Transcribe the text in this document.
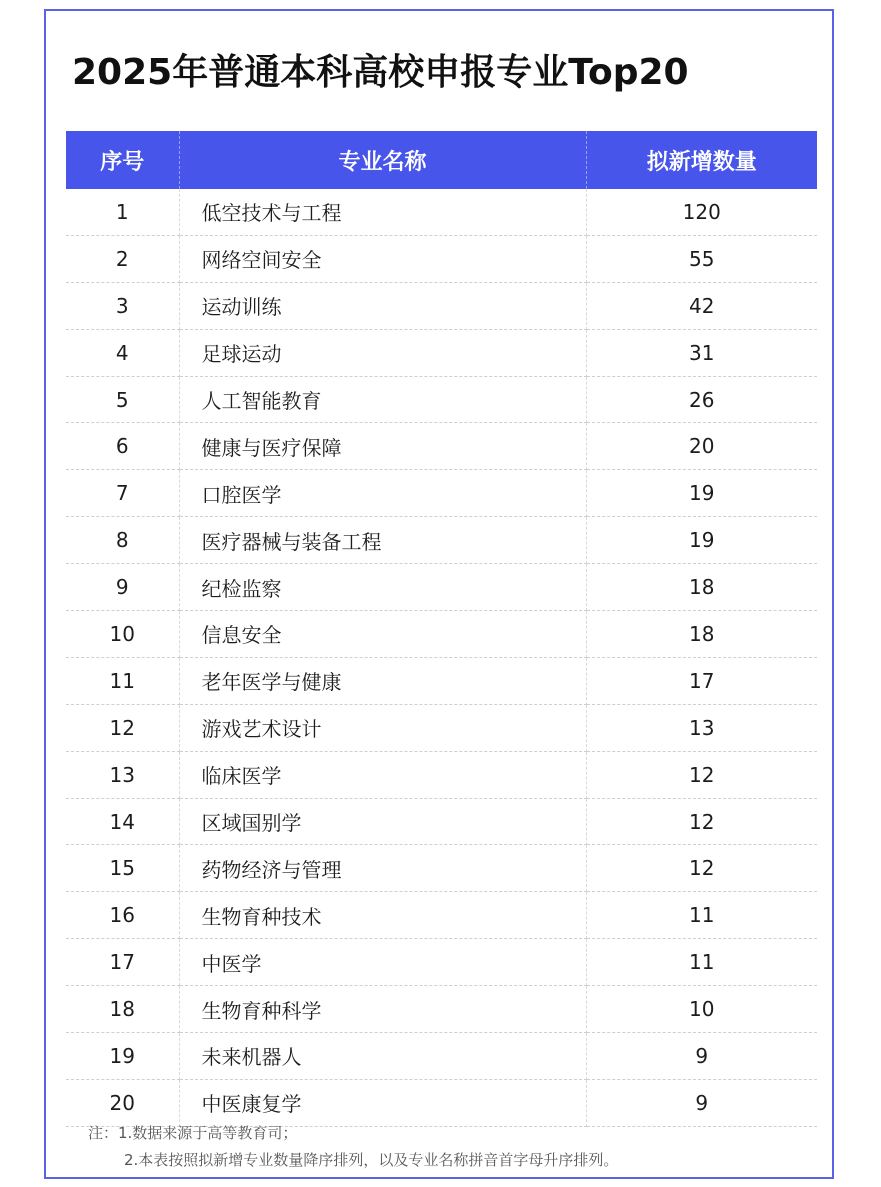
2025年普通本科高校申报专业Top20
序号	专业名称	拟新增数量
1	低空技术与工程	120
2	网络空间安全	55
3	运动训练	42
4	足球运动	31
5	人工智能教育	26
6	健康与医疗保障	20
7	口腔医学	19
8	医疗器械与装备工程	19
9	纪检监察	18
10	信息安全	18
11	老年医学与健康	17
12	游戏艺术设计	13
13	临床医学	12
14	区域国别学	12
15	药物经济与管理	12
16	生物育种技术	11
17	中医学	11
18	生物育种科学	10
19	未来机器人	9
20	中医康复学	9
注：1.数据来源于高等教育司；
2.本表按照拟新增专业数量降序排列，以及专业名称拼音首字母升序排列。
